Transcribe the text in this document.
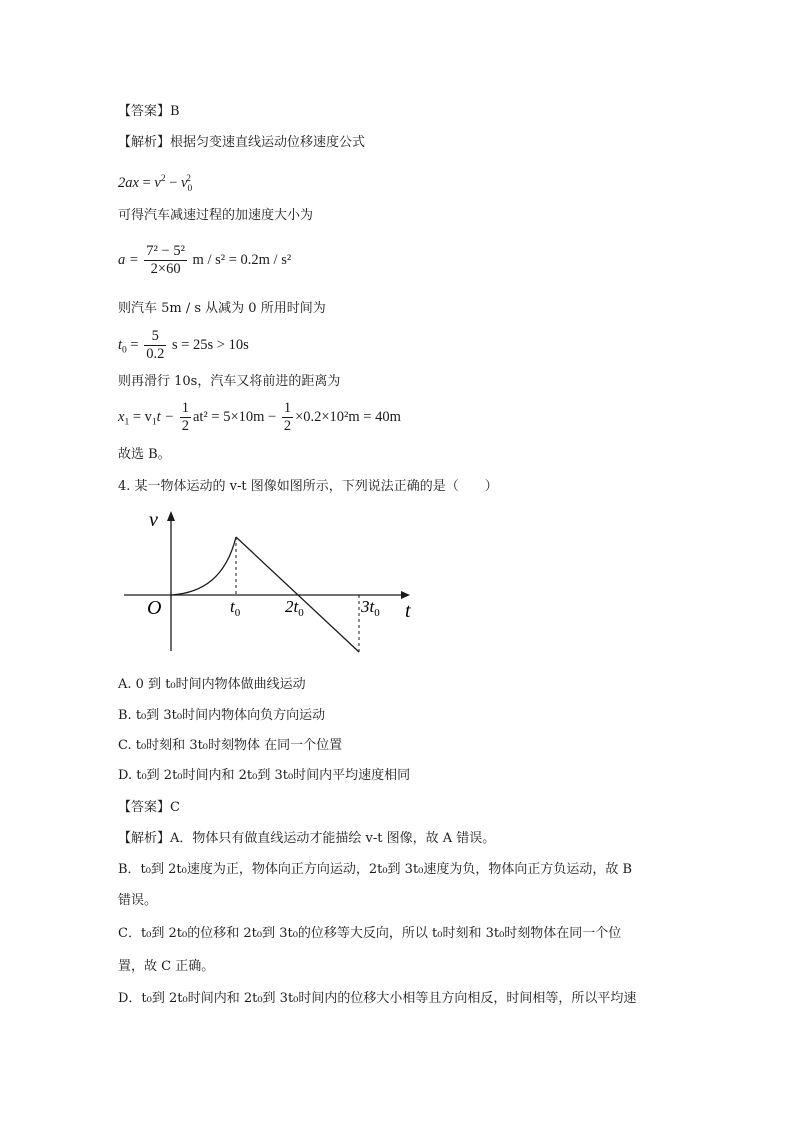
【答案】B
【解析】根据匀变速直线运动位移速度公式
$2ax = v^2 - v_0^2$
可得汽车减速过程的加速度大小为
$a = \frac{\text{7² − 5²}}{2\times 60}$ m / s² = 0.2m / s²
则汽车 5m / s 从减为 0 所用时间为
$t_0 = \frac{5}{0.2}$ s = 25s > 10s
则再滑行 10s，汽车又将前进的距离为
$x_1 = v_1t - \frac{1}{2} at^2 = 5\times 10m - \frac{1}{2} \times 0.2\times 10^2m = 40m$
故选 B。
4. 某一物体运动的 v-t 图像如图所示，下列说法正确的是（　　）
v
t
O	$t_0$	$2t_0$	$3t_0$
A. 0 到 t₀时间内物体做曲线运动
B. t₀到 3t₀时间内物体向负方向运动
C. t₀时刻和 3t₀时刻物体 在同一个位置
D. t₀到 2t₀时间内和 2t₀到 3t₀时间内平均速度相同
【答案】C
【解析】A．物体只有做直线运动才能描绘 v-t 图像，故 A 错误。
B．t₀到 2t₀速度为正，物体向正方向运动，2t₀到 3t₀速度为负，物体向正方负运动，故 B
错误。
C．t₀到 2t₀的位移和 2t₀到 3t₀的位移等大反向，所以 t₀时刻和 3t₀时刻物体在同一个位
置，故 C 正确。
D．t₀到 2t₀时间内和 2t₀到 3t₀时间内的位移大小相等且方向相反，时间相等，所以平均速
